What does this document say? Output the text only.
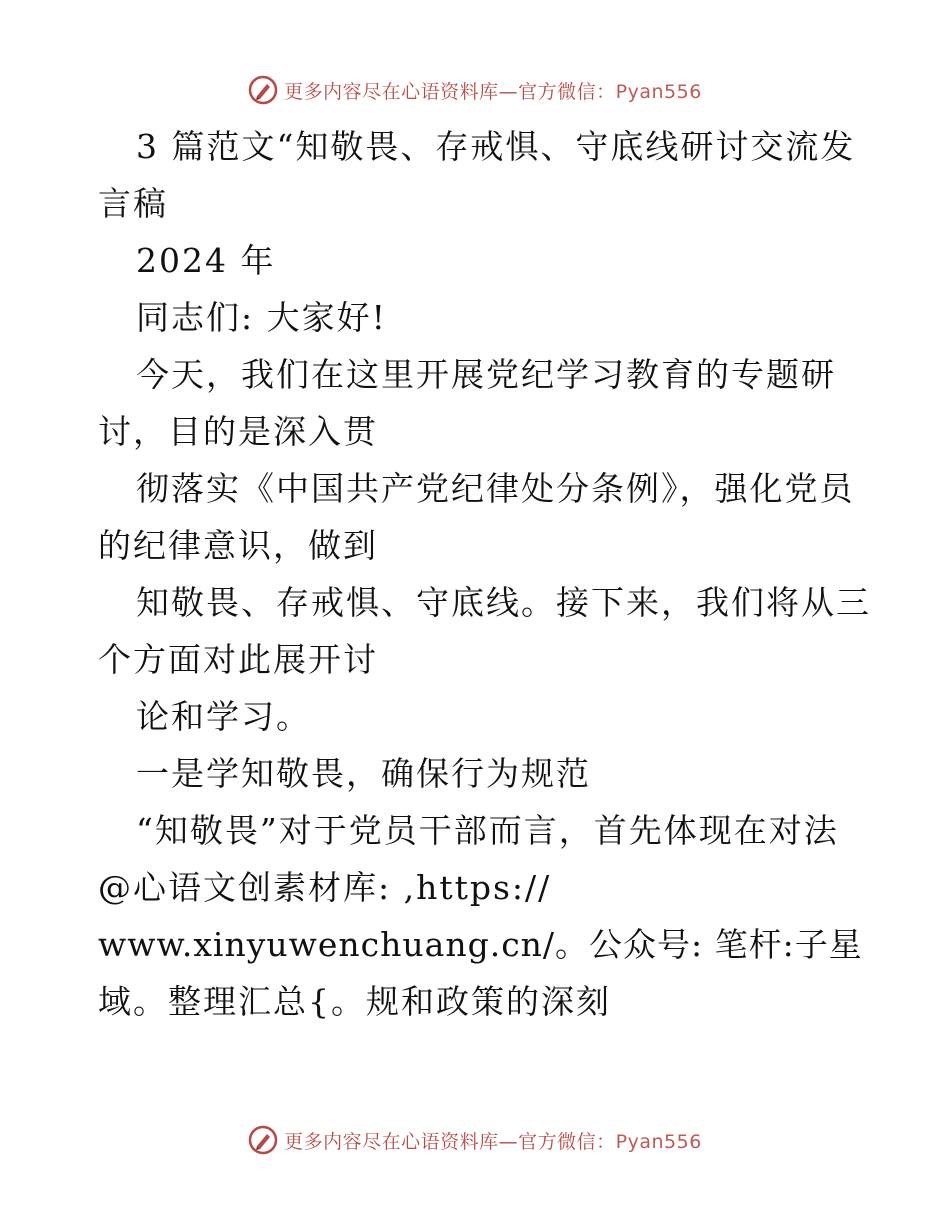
更多内容尽在心语资料库—官方微信：Pyan556
3 篇范文“知敬畏、存戒惧、守底线研讨交流发
言稿
2024 年
同志们: 大家好!
今天，我们在这里开展党纪学习教育的专题研
讨，目的是深入贯
彻落实《中国共产党纪律处分条例》，强化党员
的纪律意识，做到
知敬畏、存戒惧、守底线。接下来，我们将从三
个方面对此展开讨
论和学习。
一是学知敬畏，确保行为规范
“知敬畏”对于党员干部而言，首先体现在对法
@心语文创素材库: ,https://
www.xinyuwenchuang.cn/。公众号: 笔杆:子星
域。整理汇总{。规和政策的深刻
更多内容尽在心语资料库—官方微信：Pyan556
